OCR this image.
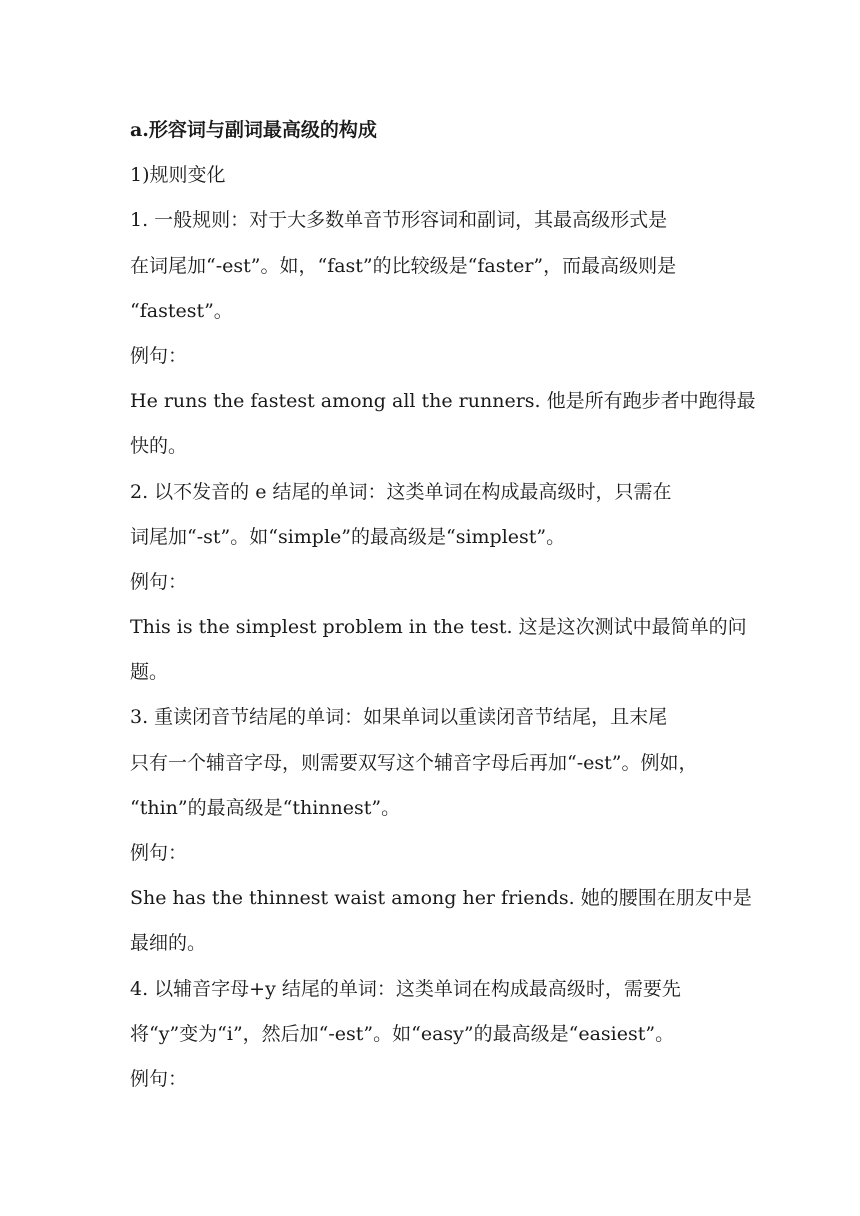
a.形容词与副词最高级的构成
1)规则变化
1. 一般规则：对于大多数单音节形容词和副词，其最高级形式是
在词尾加“-est”。如，“fast”的比较级是“faster”，而最高级则是
“fastest”。
例句：
He runs the fastest among all the runners. 他是所有跑步者中跑得最
快的。
2. 以不发音的 e 结尾的单词：这类单词在构成最高级时，只需在
词尾加“-st”。如“simple”的最高级是“simplest”。
例句：
This is the simplest problem in the test. 这是这次测试中最简单的问
题。
3. 重读闭音节结尾的单词：如果单词以重读闭音节结尾，且末尾
只有一个辅音字母，则需要双写这个辅音字母后再加“-est”。例如，
“thin”的最高级是“thinnest”。
例句：
She has the thinnest waist among her friends. 她的腰围在朋友中是
最细的。
4. 以辅音字母+y 结尾的单词：这类单词在构成最高级时，需要先
将“y”变为“i”，然后加“-est”。如“easy”的最高级是“easiest”。
例句：
